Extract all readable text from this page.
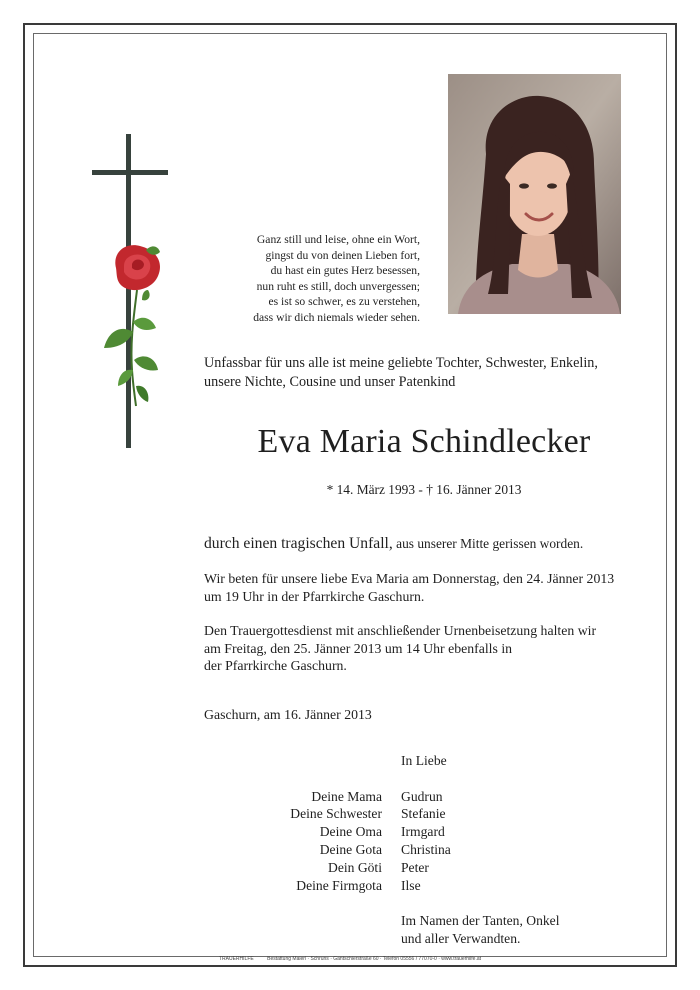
Ganz still und leise, ohne ein Wort,
gingst du von deinen Lieben fort,
du hast ein gutes Herz besessen,
nun ruht es still, doch unvergessen;
es ist so schwer, es zu verstehen,
dass wir dich niemals wieder sehen.
Unfassbar für uns alle ist meine geliebte Tochter, Schwester, Enkelin,
unsere Nichte, Cousine und unser Patenkind
Eva Maria Schindlecker
* 14. März 1993 - † 16. Jänner 2013
durch einen tragischen Unfall, aus unserer Mitte gerissen worden.
Wir beten für unsere liebe Eva Maria am Donnerstag, den 24. Jänner 2013
um 19 Uhr in der Pfarrkirche Gaschurn.
Den Trauergottesdienst mit anschließender Urnenbeisetzung halten wir
am Freitag, den 25. Jänner 2013 um 14 Uhr ebenfalls in
der Pfarrkirche Gaschurn.
Gaschurn, am 16. Jänner 2013
In Liebe
Deine Mama Gudrun
Deine Schwester Stefanie
Deine Oma Irmgard
Deine Gota Christina
Dein Göti Peter
Deine Firmgota Ilse
Im Namen der Tanten, Onkel
und aller Verwandten.
TRAUERHILFE	Bestattung Maierl · Schruns · Gantschierstraße 60 · Telefon 05556 / 77070-0 · www.trauerhilfe.at
